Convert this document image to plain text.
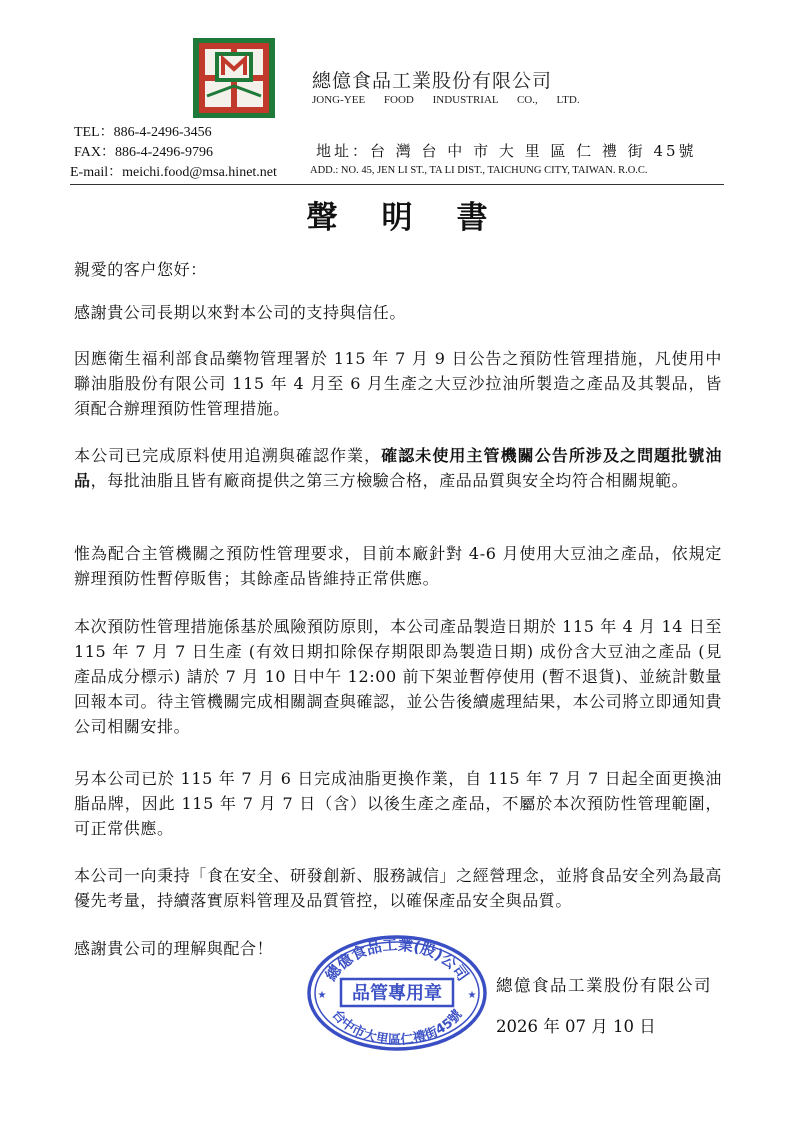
總億食品工業股份有限公司
JONG-YEE FOOD INDUSTRIAL CO., LTD.
TEL：886-4-2496-3456
FAX：886-4-2496-9796
E-mail：meichi.food@msa.hinet.net
地址：台 灣 台 中 市 大 里 區 仁 禮 街 45號
ADD.: NO. 45, JEN LI ST., TA LI DIST., TAICHUNG CITY, TAIWAN. R.O.C.
聲明書
親愛的客户您好：
感謝貴公司長期以來對本公司的支持與信任。
因應衛生福利部食品藥物管理署於 115 年 7 月 9 日公告之預防性管理措施，凡使用中聯油脂股份有限公司 115 年 4 月至 6 月生產之大豆沙拉油所製造之產品及其製品，皆須配合辦理預防性管理措施。
本公司已完成原料使用追溯與確認作業，確認未使用主管機關公告所涉及之問題批號油品，每批油脂且皆有廠商提供之第三方檢驗合格，產品品質與安全均符合相關規範。
惟為配合主管機關之預防性管理要求，目前本廠針對 4-6 月使用大豆油之產品，依規定辦理預防性暫停販售；其餘產品皆維持正常供應。
本次預防性管理措施係基於風險預防原則，本公司產品製造日期於 115 年 4 月 14 日至 115 年 7 月 7 日生產 (有效日期扣除保存期限即為製造日期) 成份含大豆油之產品 (見產品成分標示) 請於 7 月 10 日中午 12:00 前下架並暫停使用 (暫不退貨)、並統計數量回報本司。待主管機關完成相關調查與確認，並公告後續處理結果，本公司將立即通知貴公司相關安排。
另本公司已於 115 年 7 月 6 日完成油脂更換作業，自 115 年 7 月 7 日起全面更換油脂品牌，因此 115 年 7 月 7 日（含）以後生產之產品，不屬於本次預防性管理範圍，可正常供應。
本公司一向秉持「食在安全、研發創新、服務誠信」之經營理念，並將食品安全列為最高優先考量，持續落實原料管理及品質管控，以確保產品安全與品質。
感謝貴公司的理解與配合！
總億食品工業(股)公司
品管專用章
台中市大里區仁禮街45號
★	★
總億食品工業股份有限公司
2026 年 07 月 10 日
